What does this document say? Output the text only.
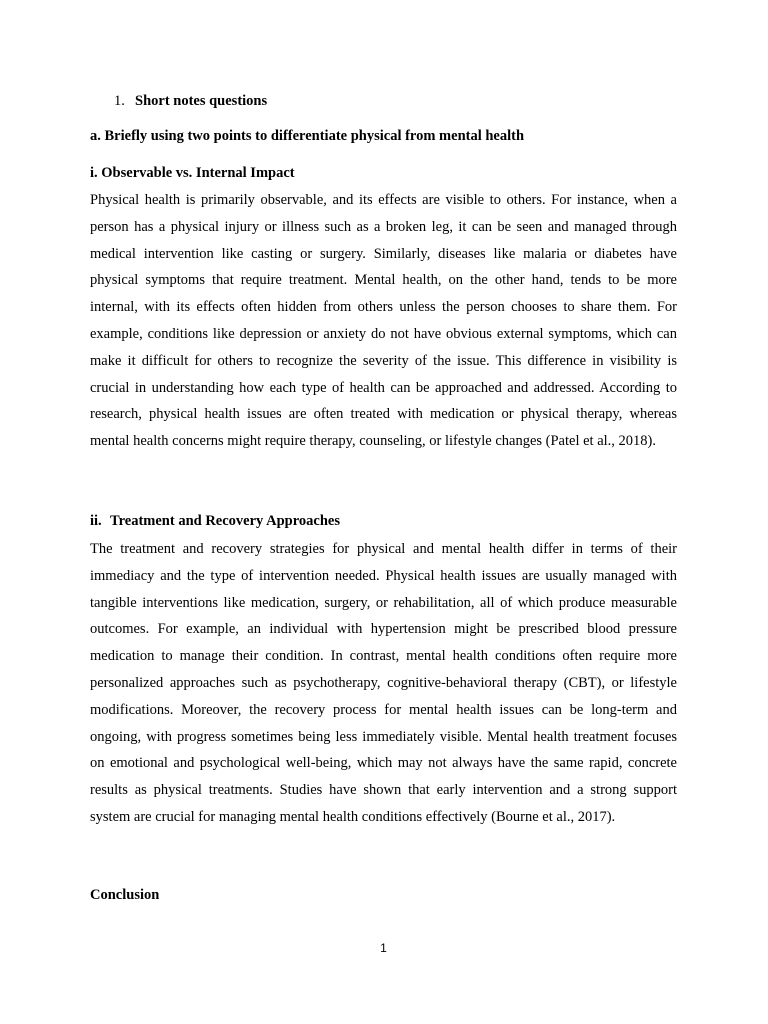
1. Short notes questions
a. Briefly using two points to differentiate physical from mental health
i. Observable vs. Internal Impact

Physical health is primarily observable, and its effects are visible to others. For instance, when a person has a physical injury or illness such as a broken leg, it can be seen and managed through medical intervention like casting or surgery. Similarly, diseases like malaria or diabetes have physical symptoms that require treatment. Mental health, on the other hand, tends to be more internal, with its effects often hidden from others unless the person chooses to share them. For example, conditions like depression or anxiety do not have obvious external symptoms, which can make it difficult for others to recognize the severity of the issue. This difference in visibility is crucial in understanding how each type of health can be approached and addressed. According to research, physical health issues are often treated with medication or physical therapy, whereas mental health concerns might require therapy, counseling, or lifestyle changes (Patel et al., 2018).

ii. Treatment and Recovery Approaches

The treatment and recovery strategies for physical and mental health differ in terms of their immediacy and the type of intervention needed. Physical health issues are usually managed with tangible interventions like medication, surgery, or rehabilitation, all of which produce measurable outcomes. For example, an individual with hypertension might be prescribed blood pressure medication to manage their condition. In contrast, mental health conditions often require more personalized approaches such as psychotherapy, cognitive-behavioral therapy (CBT), or lifestyle modifications. Moreover, the recovery process for mental health issues can be long-term and ongoing, with progress sometimes being less immediately visible. Mental health treatment focuses on emotional and psychological well-being, which may not always have the same rapid, concrete results as physical treatments. Studies have shown that early intervention and a strong support system are crucial for managing mental health conditions effectively (Bourne et al., 2017).

Conclusion
1
